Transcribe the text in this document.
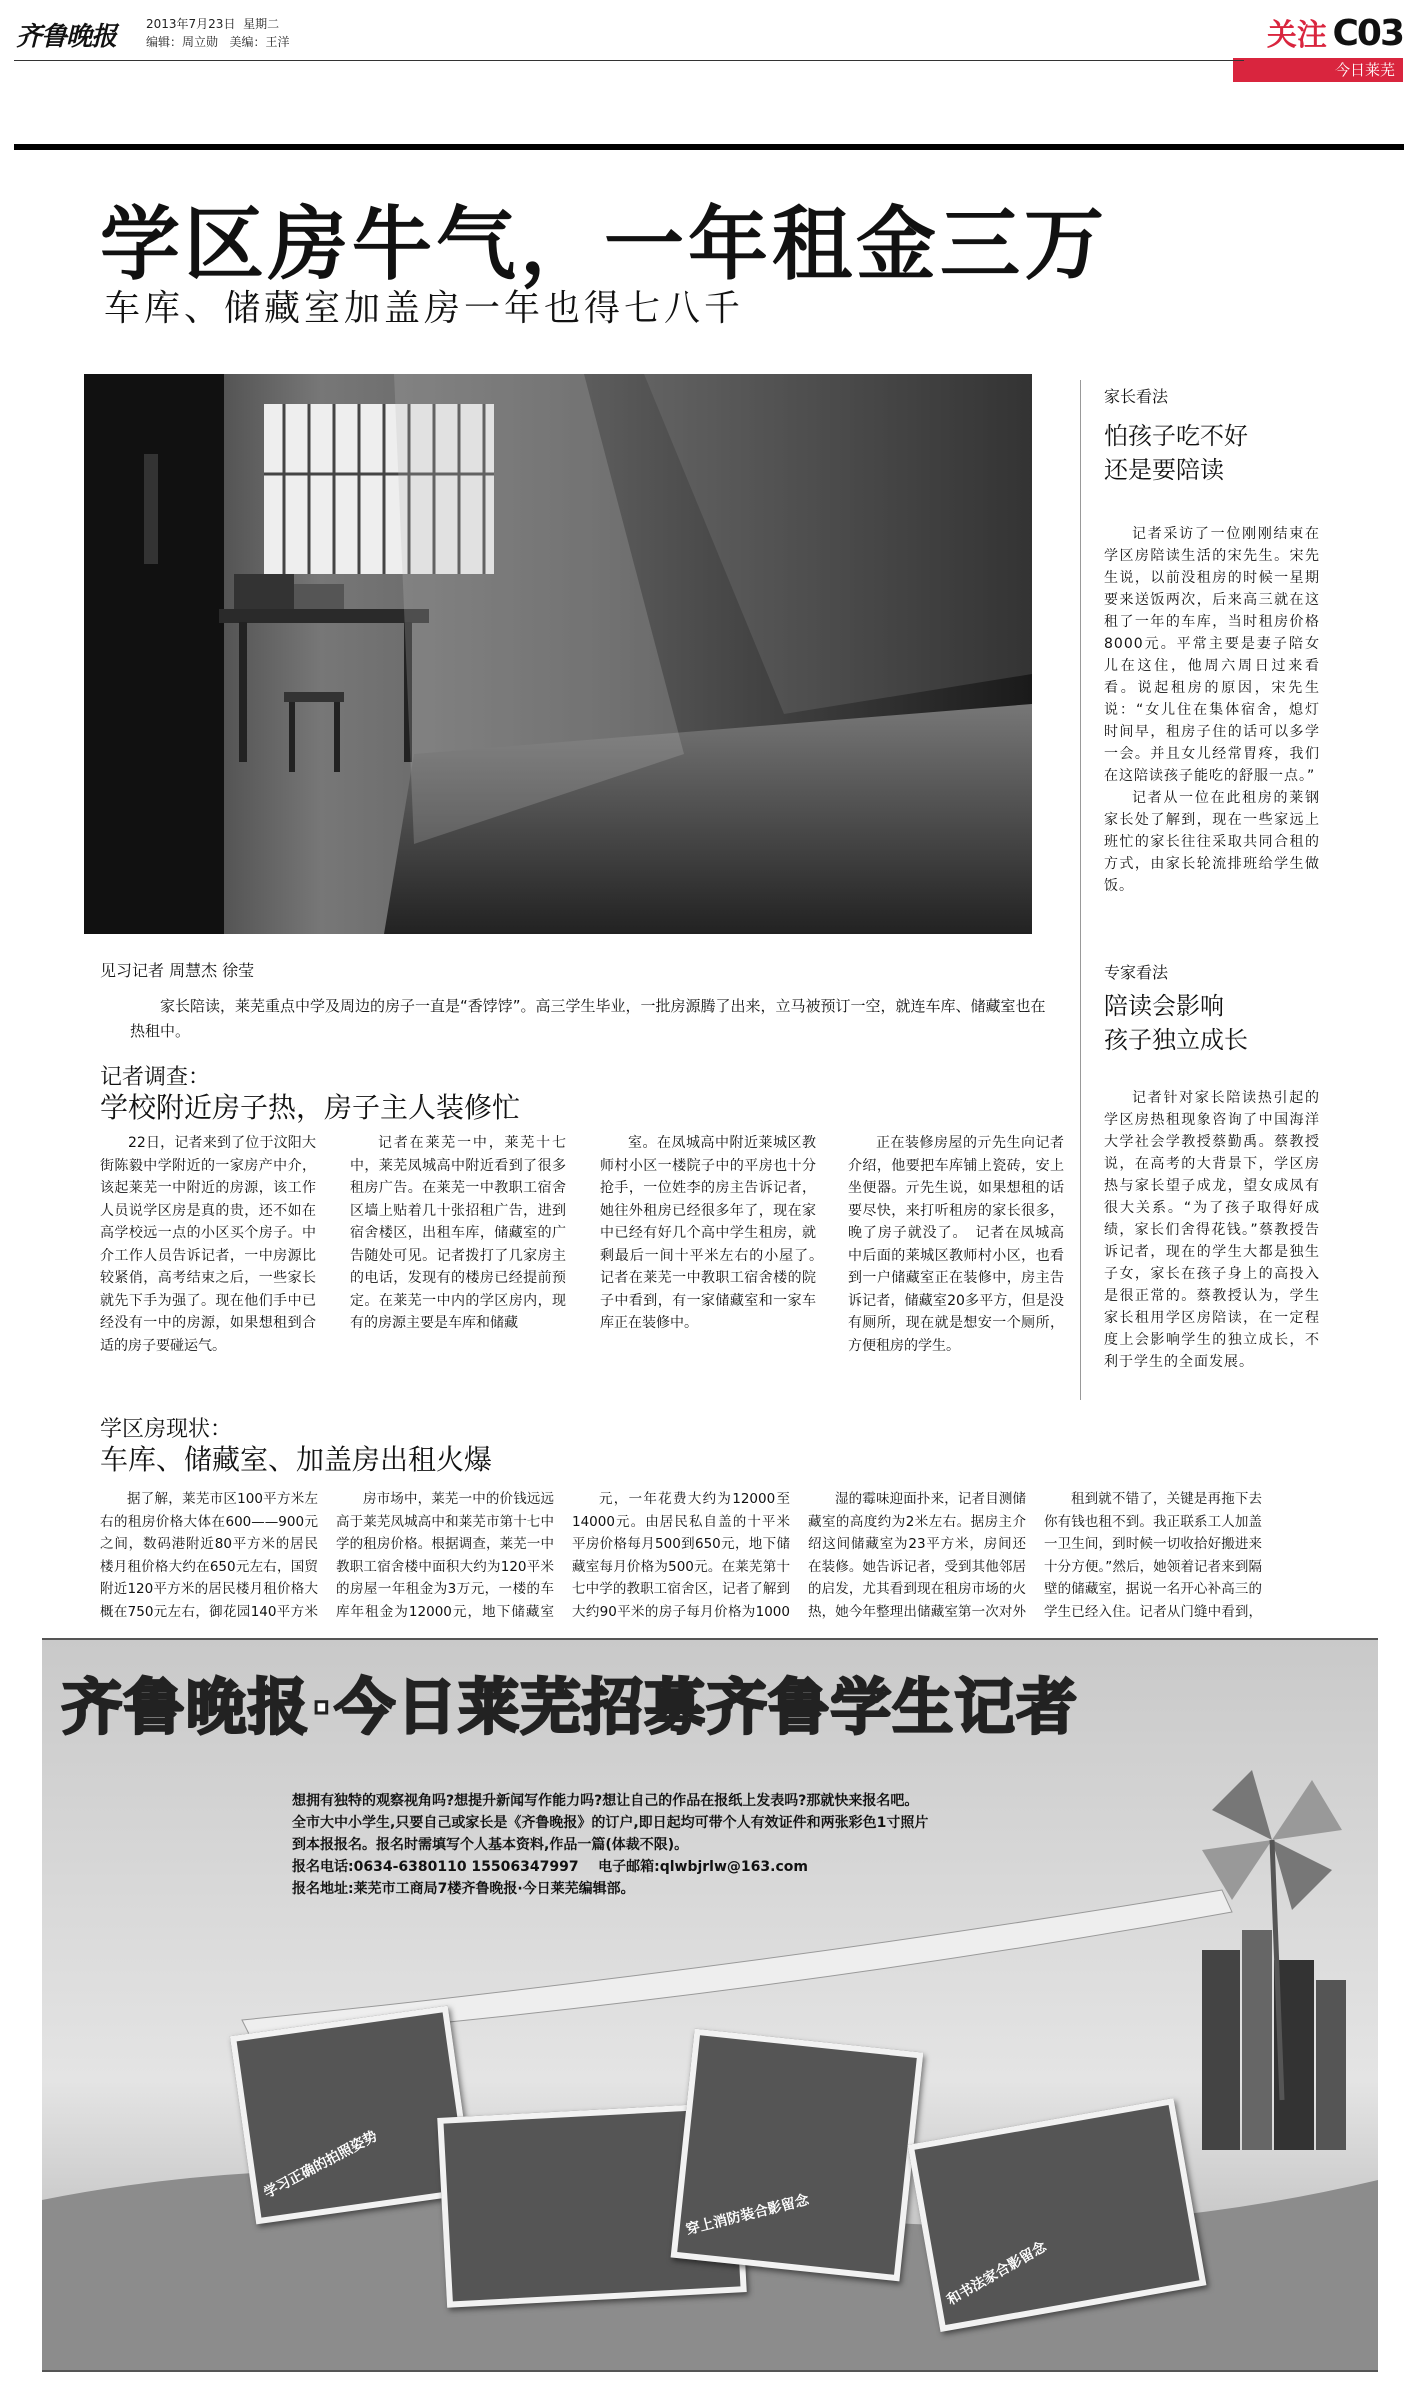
齐鲁晚报 2013年7月23日 星期二
编辑：周立勋 美编：王洋	关注 C03
今日莱芜
学区房牛气，一年租金三万
车库、储藏室加盖房一年也得七八千
见习记者 周慧杰 徐莹
家长陪读，莱芜重点中学及周边的房子一直是“香饽饽”。高三学生毕业，一批房源腾了出来，立马被预订一空，就连车库、储藏室也在热租中。
记者调查：
学校附近房子热，房子主人装修忙
22日，记者来到了位于汶阳大街陈毅中学附近的一家房产中介，该起莱芜一中附近的房源，该工作人员说学区房是真的贵，还不如在高学校远一点的小区买个房子。中介工作人员告诉记者，一中房源比较紧俏，高考结束之后，一些家长就先下手为强了。现在他们手中已经没有一中的房源，如果想租到合适的房子要碰运气。
记者在莱芜一中，莱芜十七中，莱芜凤城高中附近看到了很多租房广告。在莱芜一中教职工宿舍区墙上贴着几十张招租广告，进到宿舍楼区，出租车库，储藏室的广告随处可见。记者拨打了几家房主的电话，发现有的楼房已经提前预定。在莱芜一中内的学区房内，现有的房源主要是车库和储藏
室。在凤城高中附近莱城区教师村小区一楼院子中的平房也十分抢手，一位姓李的房主告诉记者，她往外租房已经很多年了，现在家中已经有好几个高中学生租房，就剩最后一间十平米左右的小屋了。　记者在莱芜一中教职工宿舍楼的院子中看到，有一家储藏室和一家车库正在装修中。
正在装修房屋的亓先生向记者介绍，他要把车库铺上瓷砖，安上坐便器。亓先生说，如果想租的话要尽快，来打听租房的家长很多，晚了房子就没了。　记者在凤城高中后面的莱城区教师村小区，也看到一户储藏室正在装修中，房主告诉记者，储藏室20多平方，但是没有厕所，现在就是想安一个厕所，方便租房的学生。
学区房现状：
车库、储藏室、加盖房出租火爆
据了解，莱芜市区100平方米左右的租房价格大体在600——900元之间，数码港附近80平方米的居民楼月租价格大约在650元左右，国贸附近120平方米的居民楼月租价格大概在750元左右，御花园140平方米
房市场中，莱芜一中的价钱远远高于莱芜凤城高中和莱芜市第十七中学的租房价格。根据调查，莱芜一中教职工宿舍楼中面积大约为120平米的房屋一年租金为3万元，一楼的车库年租金为12000元，地下储藏室
元，一年花费大约为12000至14000元。由居民私自盖的十平米平房价格每月500到650元，地下储藏室每月价格为500元。在莱芜第十七中学的教职工宿舍区，记者了解到大约90平米的房子每月价格为1000　
湿的霉味迎面扑来，记者目测储藏室的高度约为2米左右。据房主介绍这间储藏室为23平方米，房间还在装修。她告诉记者，受到其他邻居的启发，尤其看到现在租房市场的火热，她今年整理出储藏室第一次对外　
租到就不错了，关键是再拖下去你有钱也租不到。我正联系工人加盖一卫生间，到时候一切收拾好搬进来十分方便。”然后，她领着记者来到隔壁的储藏室，据说一名开心补高三的学生已经入住。记者从门缝中看到，
家长看法
怕孩子吃不好
还是要陪读
记者采访了一位刚刚结束在学区房陪读生活的宋先生。宋先生说，以前没租房的时候一星期要来送饭两次，后来高三就在这租了一年的车库，当时租房价格8000元。平常主要是妻子陪女儿在这住，他周六周日过来看看。说起租房的原因，宋先生说：“女儿住在集体宿舍，熄灯时间早，租房子住的话可以多学一会。并且女儿经常胃疼，我们在这陪读孩子能吃的舒服一点。”
记者从一位在此租房的莱钢家长处了解到，现在一些家远上班忙的家长往往采取共同合租的方式，由家长轮流排班给学生做饭。
专家看法
陪读会影响
孩子独立成长
记者针对家长陪读热引起的学区房热租现象咨询了中国海洋大学社会学教授蔡勤禹。蔡教授说，在高考的大背景下，学区房热与家长望子成龙，望女成凤有很大关系。“为了孩子取得好成绩，家长们舍得花钱。”蔡教授告诉记者，现在的学生大都是独生子女，家长在孩子身上的高投入是很正常的。蔡教授认为，学生家长租用学区房陪读，在一定程度上会影响学生的独立成长，不利于学生的全面发展。
齐鲁晚报·今日莱芜招募齐鲁学生记者
想拥有独特的观察视角吗?想提升新闻写作能力吗?想让自己的作品在报纸上发表吗?那就快来报名吧。
全市大中小学生,只要自己或家长是《齐鲁晚报》的订户,即日起均可带个人有效证件和两张彩色1寸照片
到本报报名。报名时需填写个人基本资料,作品一篇(体裁不限)。
报名电话:0634-6380110 15506347997 电子邮箱:qlwbjrlw@163.com
报名地址:莱芜市工商局7楼齐鲁晚报·今日莱芜编辑部。
学习正确的拍照姿势
穿上消防装合影留念
和书法家合影留念
